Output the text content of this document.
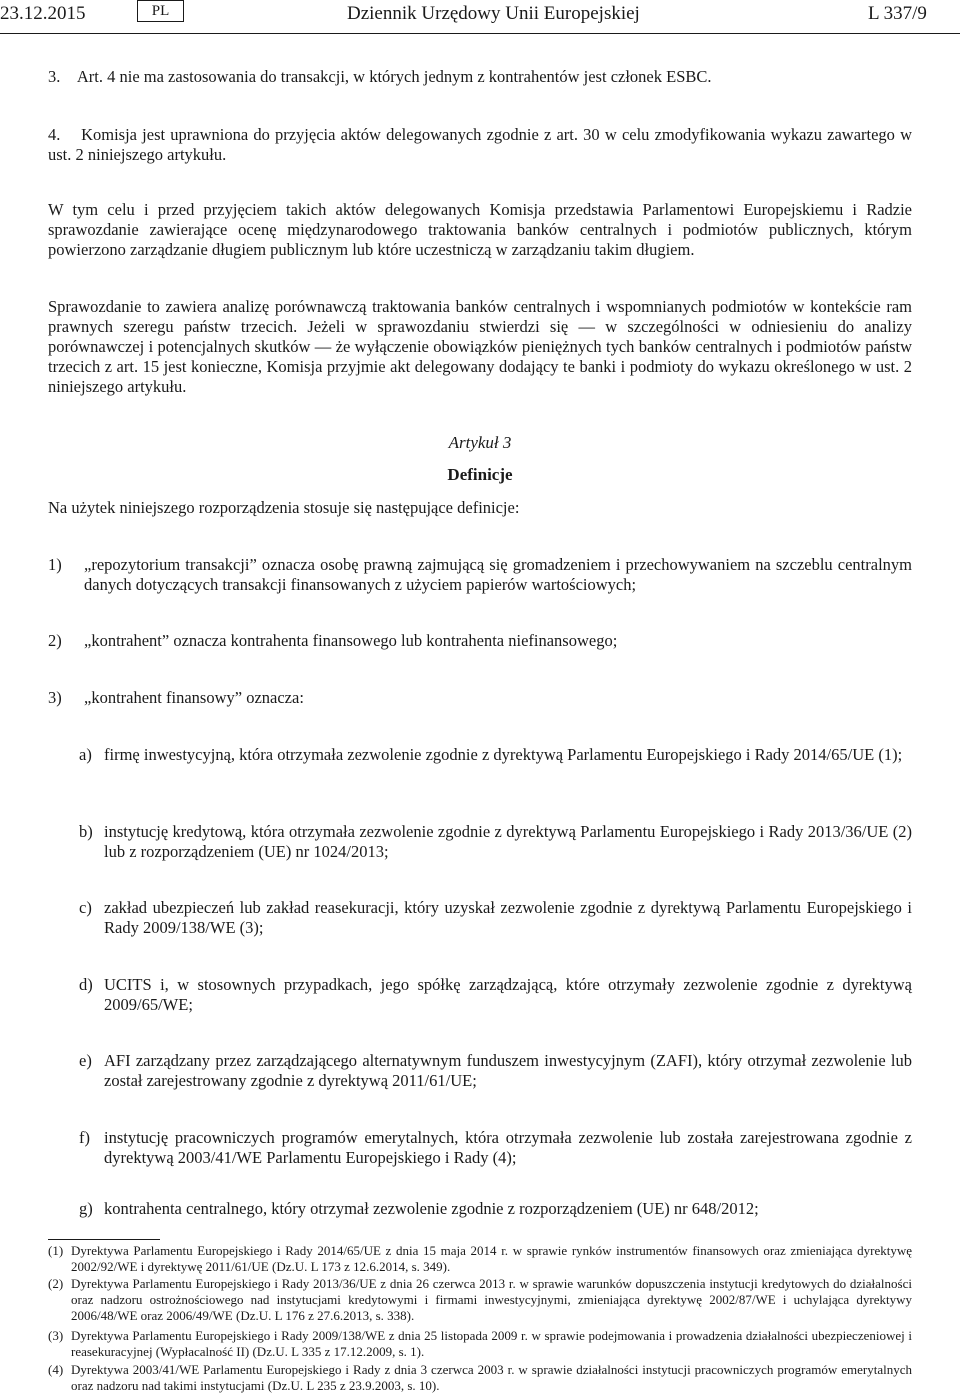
23.12.2015	PL	Dziennik Urzędowy Unii Europejskiej	L 337/9
3. Art. 4 nie ma zastosowania do transakcji, w których jednym z kontrahentów jest członek ESBC.
4. Komisja jest uprawniona do przyjęcia aktów delegowanych zgodnie z art. 30 w celu zmodyfikowania wykazu zawartego w ust. 2 niniejszego artykułu.
W tym celu i przed przyjęciem takich aktów delegowanych Komisja przedstawia Parlamentowi Europejskiemu i Radzie sprawozdanie zawierające ocenę międzynarodowego traktowania banków centralnych i podmiotów publicznych, którym powierzono zarządzanie długiem publicznym lub które uczestniczą w zarządzaniu takim długiem.
Sprawozdanie to zawiera analizę porównawczą traktowania banków centralnych i wspomnianych podmiotów w kontekście ram prawnych szeregu państw trzecich. Jeżeli w sprawozdaniu stwierdzi się — w szczególności w odniesieniu do analizy porównawczej i potencjalnych skutków — że wyłączenie obowiązków pieniężnych tych banków centralnych i podmiotów państw trzecich z art. 15 jest konieczne, Komisja przyjmie akt delegowany dodający te banki i podmioty do wykazu określonego w ust. 2 niniejszego artykułu.
Artykuł 3
Definicje
Na użytek niniejszego rozporządzenia stosuje się następujące definicje:
1) „repozytorium transakcji” oznacza osobę prawną zajmującą się gromadzeniem i przechowywaniem na szczeblu centralnym danych dotyczących transakcji finansowanych z użyciem papierów wartościowych;
2) „kontrahent” oznacza kontrahenta finansowego lub kontrahenta niefinansowego;
3) „kontrahent finansowy” oznacza:
a) firmę inwestycyjną, która otrzymała zezwolenie zgodnie z dyrektywą Parlamentu Europejskiego i Rady 2014/65/UE (1);
b) instytucję kredytową, która otrzymała zezwolenie zgodnie z dyrektywą Parlamentu Europejskiego i Rady 2013/36/UE (2) lub z rozporządzeniem (UE) nr 1024/2013;
c) zakład ubezpieczeń lub zakład reasekuracji, który uzyskał zezwolenie zgodnie z dyrektywą Parlamentu Europejskiego i Rady 2009/138/WE (3);
d) UCITS i, w stosownych przypadkach, jego spółkę zarządzającą, które otrzymały zezwolenie zgodnie z dyrektywą 2009/65/WE;
e) AFI zarządzany przez zarządzającego alternatywnym funduszem inwestycyjnym (ZAFI), który otrzymał zezwolenie lub został zarejestrowany zgodnie z dyrektywą 2011/61/UE;
f) instytucję pracowniczych programów emerytalnych, która otrzymała zezwolenie lub została zarejestrowana zgodnie z dyrektywą 2003/41/WE Parlamentu Europejskiego i Rady (4);
g) kontrahenta centralnego, który otrzymał zezwolenie zgodnie z rozporządzeniem (UE) nr 648/2012;
(1) Dyrektywa Parlamentu Europejskiego i Rady 2014/65/UE z dnia 15 maja 2014 r. w sprawie rynków instrumentów finansowych oraz zmieniająca dyrektywę 2002/92/WE i dyrektywę 2011/61/UE (Dz.U. L 173 z 12.6.2014, s. 349).
(2) Dyrektywa Parlamentu Europejskiego i Rady 2013/36/UE z dnia 26 czerwca 2013 r. w sprawie warunków dopuszczenia instytucji kredytowych do działalności oraz nadzoru ostrożnościowego nad instytucjami kredytowymi i firmami inwestycyjnymi, zmieniająca dyrektywę 2002/87/WE i uchylająca dyrektywy 2006/48/WE oraz 2006/49/WE (Dz.U. L 176 z 27.6.2013, s. 338).
(3) Dyrektywa Parlamentu Europejskiego i Rady 2009/138/WE z dnia 25 listopada 2009 r. w sprawie podejmowania i prowadzenia działalności ubezpieczeniowej i reasekuracyjnej (Wypłacalność II) (Dz.U. L 335 z 17.12.2009, s. 1).
(4) Dyrektywa 2003/41/WE Parlamentu Europejskiego i Rady z dnia 3 czerwca 2003 r. w sprawie działalności instytucji pracowniczych programów emerytalnych oraz nadzoru nad takimi instytucjami (Dz.U. L 235 z 23.9.2003, s. 10).
